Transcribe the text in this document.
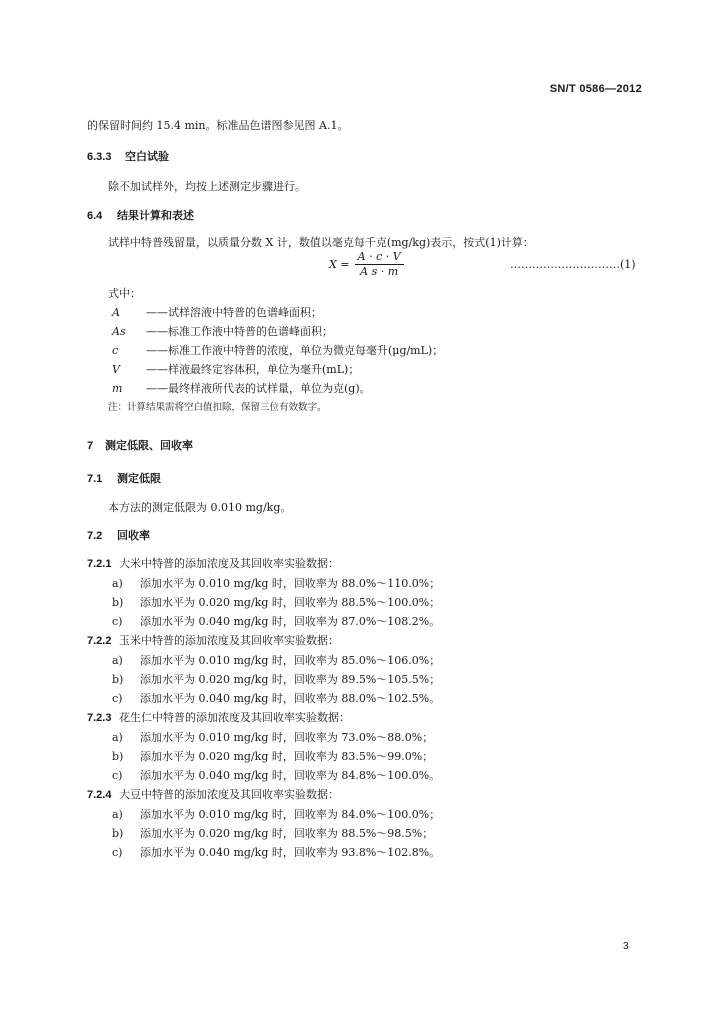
SN/T 0586—2012
的保留时间约 15.4 min。标准品色谱图参见图 A.1。
6.3.3 空白试验
除不加试样外，均按上述测定步骤进行。
6.4 结果计算和表述
试样中特普残留量，以质量分数 X 计，数值以毫克每千克(mg/kg)表示，按式(1)计算：
$X = \frac{A \cdot c \cdot V}{\text{A s · m}}$	…………………………(1)
式中：
A ——试样溶液中特普的色谱峰面积；
As ——标准工作液中特普的色谱峰面积；
c	——标准工作液中特普的浓度，单位为微克每毫升(μg/mL)；
V ——样液最终定容体积，单位为毫升(mL)；
m ——最终样液所代表的试样量，单位为克(g)。
注：计算结果需将空白值扣除，保留三位有效数字。
7 测定低限、回收率
7.1 测定低限
本方法的测定低限为 0.010 mg/kg。
7.2 回收率
7.2.1 大米中特普的添加浓度及其回收率实验数据：
a) 添加水平为 0.010 mg/kg 时，回收率为 88.0%～110.0%；
b) 添加水平为 0.020 mg/kg 时，回收率为 88.5%～100.0%；
c) 添加水平为 0.040 mg/kg 时，回收率为 87.0%～108.2%。
7.2.2 玉米中特普的添加浓度及其回收率实验数据：
a) 添加水平为 0.010 mg/kg 时，回收率为 85.0%～106.0%；
b) 添加水平为 0.020 mg/kg 时，回收率为 89.5%～105.5%；
c) 添加水平为 0.040 mg/kg 时，回收率为 88.0%～102.5%。
7.2.3 花生仁中特普的添加浓度及其回收率实验数据：
a) 添加水平为 0.010 mg/kg 时，回收率为 73.0%～88.0%；
b) 添加水平为 0.020 mg/kg 时，回收率为 83.5%～99.0%；
c) 添加水平为 0.040 mg/kg 时，回收率为 84.8%～100.0%。
7.2.4 大豆中特普的添加浓度及其回收率实验数据：
a) 添加水平为 0.010 mg/kg 时，回收率为 84.0%～100.0%；
b) 添加水平为 0.020 mg/kg 时，回收率为 88.5%～98.5%；
c) 添加水平为 0.040 mg/kg 时，回收率为 93.8%～102.8%。
3
